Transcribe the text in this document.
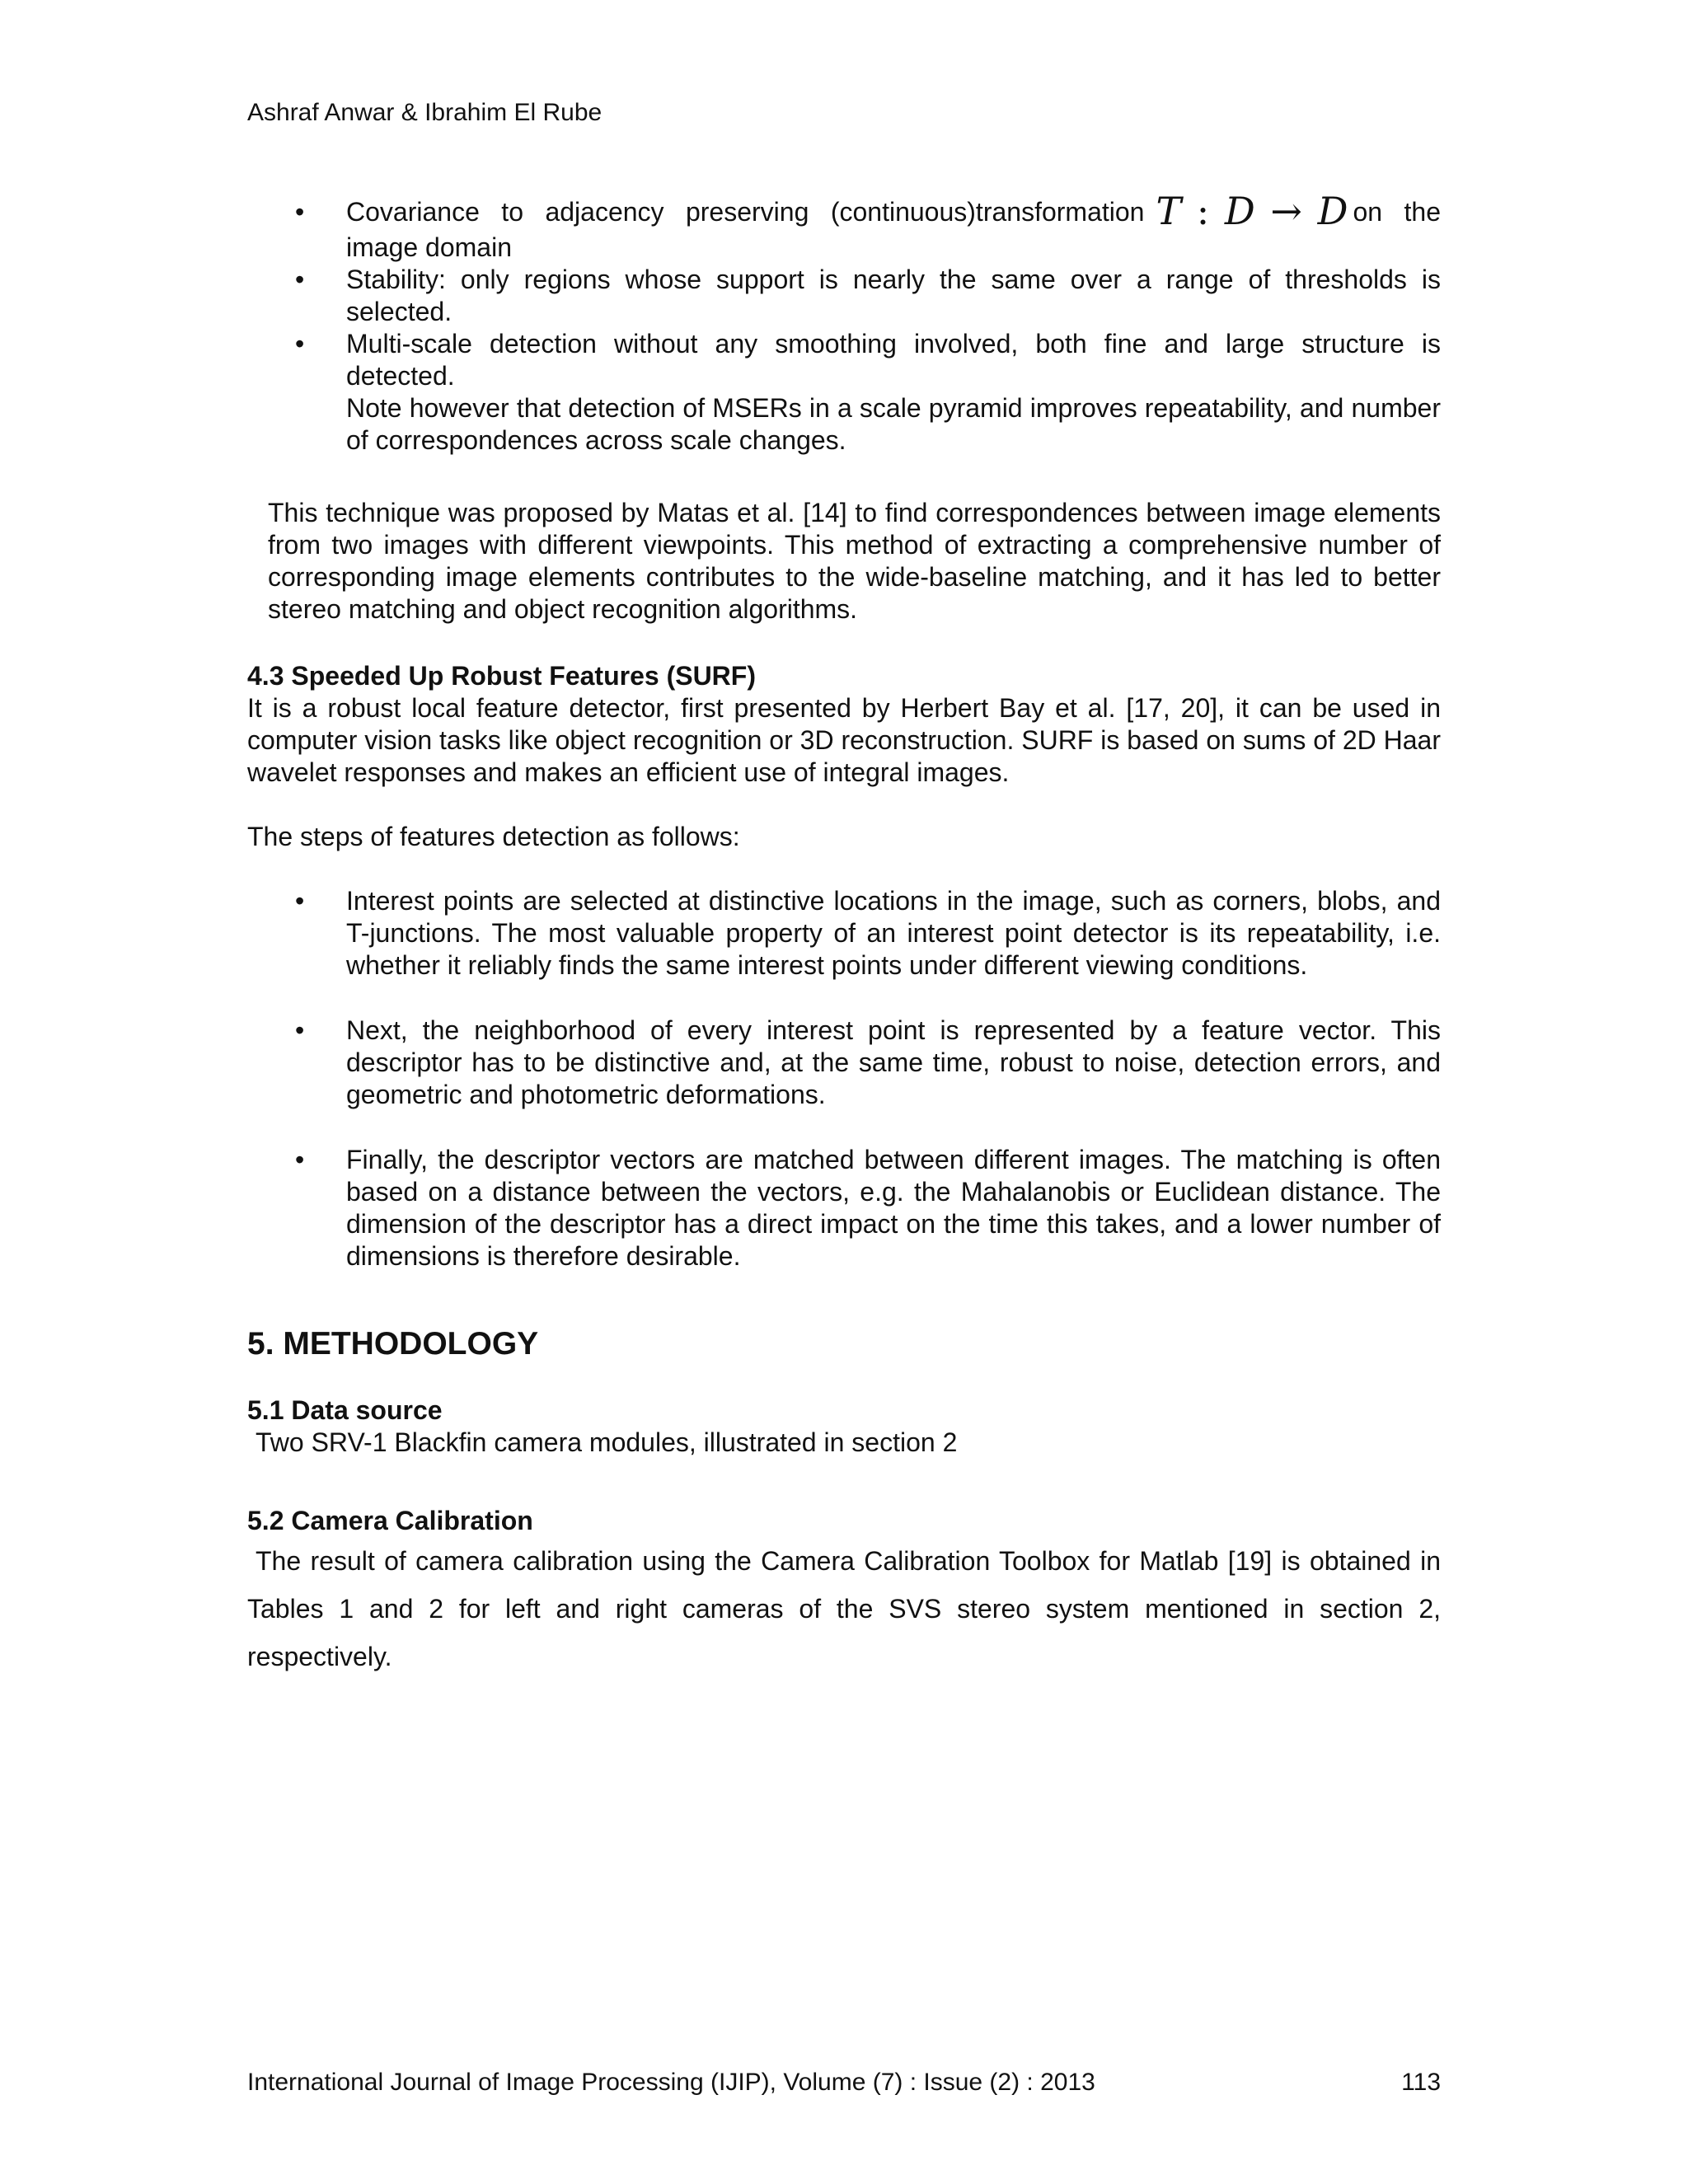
Ashraf Anwar & Ibrahim El Rube
• Covariance to adjacency preserving (continuous)transformation T : D → D on the image domain
• Stability: only regions whose support is nearly the same over a range of thresholds is selected.
• Multi-scale detection without any smoothing involved, both fine and large structure is detected.
Note however that detection of MSERs in a scale pyramid improves repeatability, and number of correspondences across scale changes.

This technique was proposed by Matas et al. [14] to find correspondences between image elements from two images with different viewpoints. This method of extracting a comprehensive number of corresponding image elements contributes to the wide-baseline matching, and it has led to better stereo matching and object recognition algorithms.

4.3 Speeded Up Robust Features (SURF)

It is a robust local feature detector, first presented by Herbert Bay et al. [17, 20], it can be used in computer vision tasks like object recognition or 3D reconstruction. SURF is based on sums of 2D Haar wavelet responses and makes an efficient use of integral images.

The steps of features detection as follows:

• Interest points are selected at distinctive locations in the image, such as corners, blobs, and T-junctions. The most valuable property of an interest point detector is its repeatability, i.e. whether it reliably finds the same interest points under different viewing conditions.
• Next, the neighborhood of every interest point is represented by a feature vector. This descriptor has to be distinctive and, at the same time, robust to noise, detection errors, and geometric and photometric deformations.
• Finally, the descriptor vectors are matched between different images. The matching is often based on a distance between the vectors, e.g. the Mahalanobis or Euclidean distance. The dimension of the descriptor has a direct impact on the time this takes, and a lower number of dimensions is therefore desirable.
5. METHODOLOGY
5.1 Data source

Two SRV-1 Blackfin camera modules, illustrated in section 2

5.2 Camera Calibration

The result of camera calibration using the Camera Calibration Toolbox for Matlab [19] is obtained in Tables 1 and 2 for left and right cameras of the SVS stereo system mentioned in section 2, respectively.

International Journal of Image Processing (IJIP), Volume (7) : Issue (2) : 2013	113
